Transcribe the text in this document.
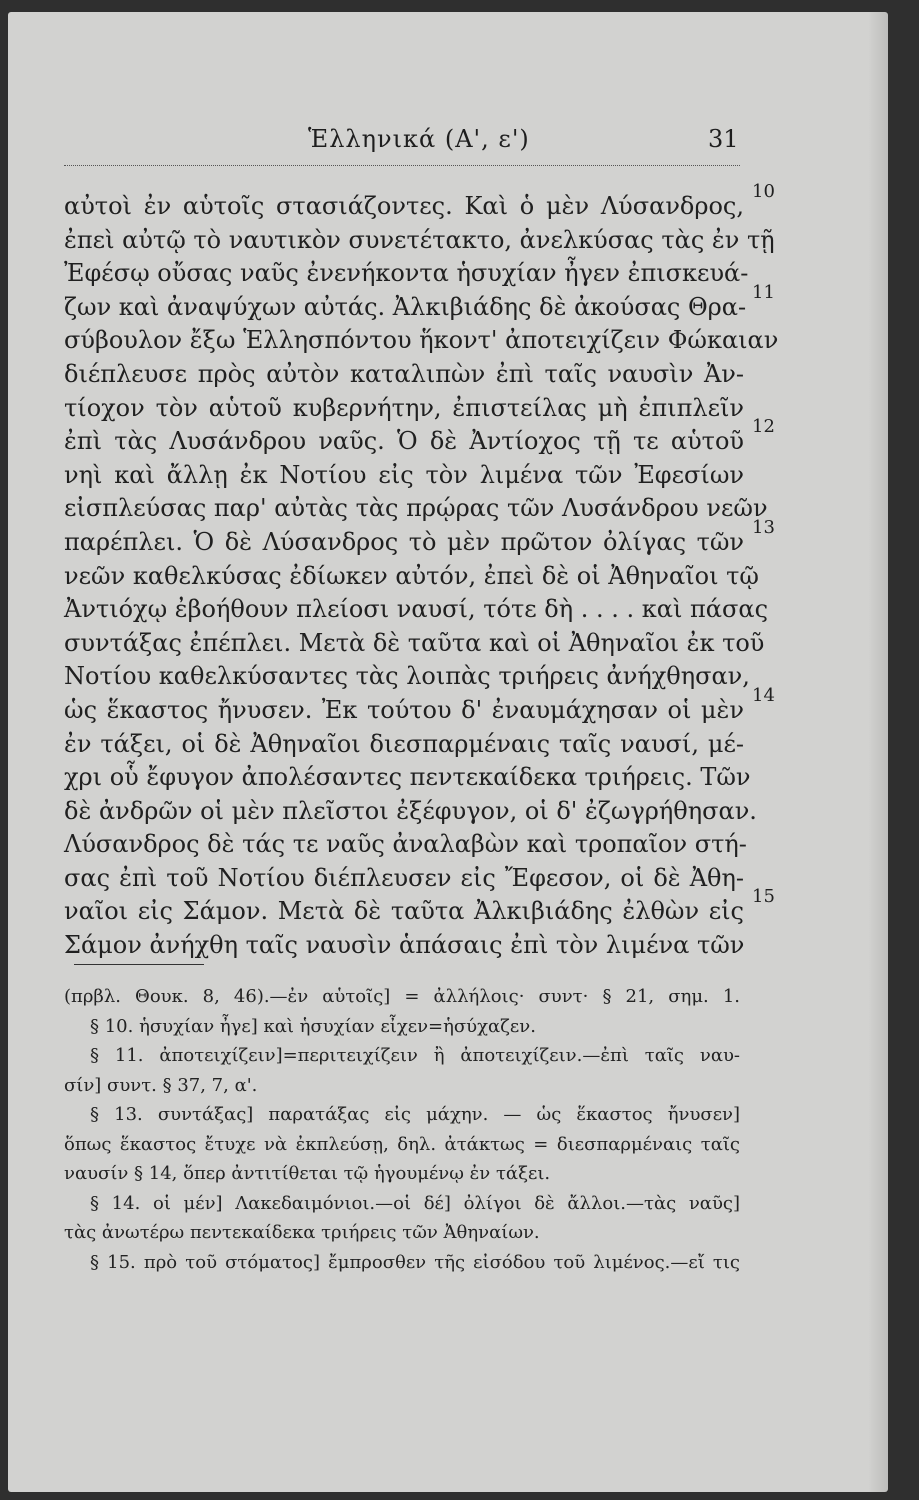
Ἑλληνικά (Α', ε')	31
αὐτοὶ ἐν αὑτοῖς στασιάζοντες. Καὶ ὁ μὲν Λύσανδρος,
10
ἐπεὶ αὐτῷ τὸ ναυτικὸν συνετέτακτο, ἀνελκύσας τὰς ἐν τῇ
Ἐφέσῳ οὔσας ναῦς ἐνενήκοντα ἡσυχίαν ἦγεν ἐπισκευά-
ζων καὶ ἀναψύχων αὐτάς. Ἀλκιβιάδης δὲ ἀκούσας Θρα-
11
σύβουλον ἔξω Ἑλλησπόντου ἥκοντ' ἀποτειχίζειν Φώκαιαν
διέπλευσε πρὸς αὐτὸν καταλιπὼν ἐπὶ ταῖς ναυσὶν Ἀν-
τίοχον τὸν αὑτοῦ κυβερνήτην, ἐπιστείλας μὴ ἐπιπλεῖν
ἐπὶ τὰς Λυσάνδρου ναῦς. Ὁ δὲ Ἀντίοχος τῇ τε αὑτοῦ
12
νηὶ καὶ ἄλλῃ ἐκ Νοτίου εἰς τὸν λιμένα τῶν Ἐφεσίων
εἰσπλεύσας παρ' αὐτὰς τὰς πρῴρας τῶν Λυσάνδρου νεῶν
παρέπλει. Ὁ δὲ Λύσανδρος τὸ μὲν πρῶτον ὀλίγας τῶν
13
νεῶν καθελκύσας ἐδίωκεν αὐτόν, ἐπεὶ δὲ οἱ Ἀθηναῖοι τῷ
Ἀντιόχῳ ἐβοήθουν πλείοσι ναυσί, τότε δὴ . . . . καὶ πάσας
συντάξας ἐπέπλει. Μετὰ δὲ ταῦτα καὶ οἱ Ἀθηναῖοι ἐκ τοῦ
Νοτίου καθελκύσαντες τὰς λοιπὰς τριήρεις ἀνήχθησαν,
ὡς ἕκαστος ἤνυσεν. Ἐκ τούτου δ' ἐναυμάχησαν οἱ μὲν
14
ἐν τάξει, οἱ δὲ Ἀθηναῖοι διεσπαρμέναις ταῖς ναυσί, μέ-
χρι οὗ ἔφυγον ἀπολέσαντες πεντεκαίδεκα τριήρεις. Τῶν
δὲ ἀνδρῶν οἱ μὲν πλεῖστοι ἐξέφυγον, οἱ δ' ἐζωγρήθησαν.
Λύσανδρος δὲ τάς τε ναῦς ἀναλαβὼν καὶ τροπαῖον στή-
σας ἐπὶ τοῦ Νοτίου διέπλευσεν εἰς Ἔφεσον, οἱ δὲ Ἀθη-
ναῖοι εἰς Σάμον. Μετὰ δὲ ταῦτα Ἀλκιβιάδης ἐλθὼν εἰς
15
Σάμον ἀνήχθη ταῖς ναυσὶν ἁπάσαις ἐπὶ τὸν λιμένα τῶν
(πρβλ. Θουκ. 8, 46).—ἐν αὑτοῖς] = ἀλλήλοις· συντ· § 21, σημ. 1.
§ 10. ἡσυχίαν ἦγε] καὶ ἡσυχίαν εἶχεν=ἡσύχαζεν.
§ 11. ἀποτειχίζειν]=περιτειχίζειν ἢ ἀποτειχίζειν.—ἐπὶ ταῖς ναυ-
σίν] συντ. § 37, 7, α'.
§ 13. συντάξας] παρατάξας εἰς μάχην. — ὡς ἕκαστος ἤνυσεν]
ὅπως ἕκαστος ἔτυχε νὰ ἐκπλεύσῃ, δηλ. ἀτάκτως = διεσπαρμέναις ταῖς
ναυσίν § 14, ὅπερ ἀντιτίθεται τῷ ἡγουμένῳ ἐν τάξει.
§ 14. οἱ μέν] Λακεδαιμόνιοι.—οἱ δέ] ὀλίγοι δὲ ἄλλοι.—τὰς ναῦς]
τὰς ἀνωτέρω πεντεκαίδεκα τριήρεις τῶν Ἀθηναίων.
§ 15. πρὸ τοῦ στόματος] ἔμπροσθεν τῆς εἰσόδου τοῦ λιμένος.—εἴ τις
